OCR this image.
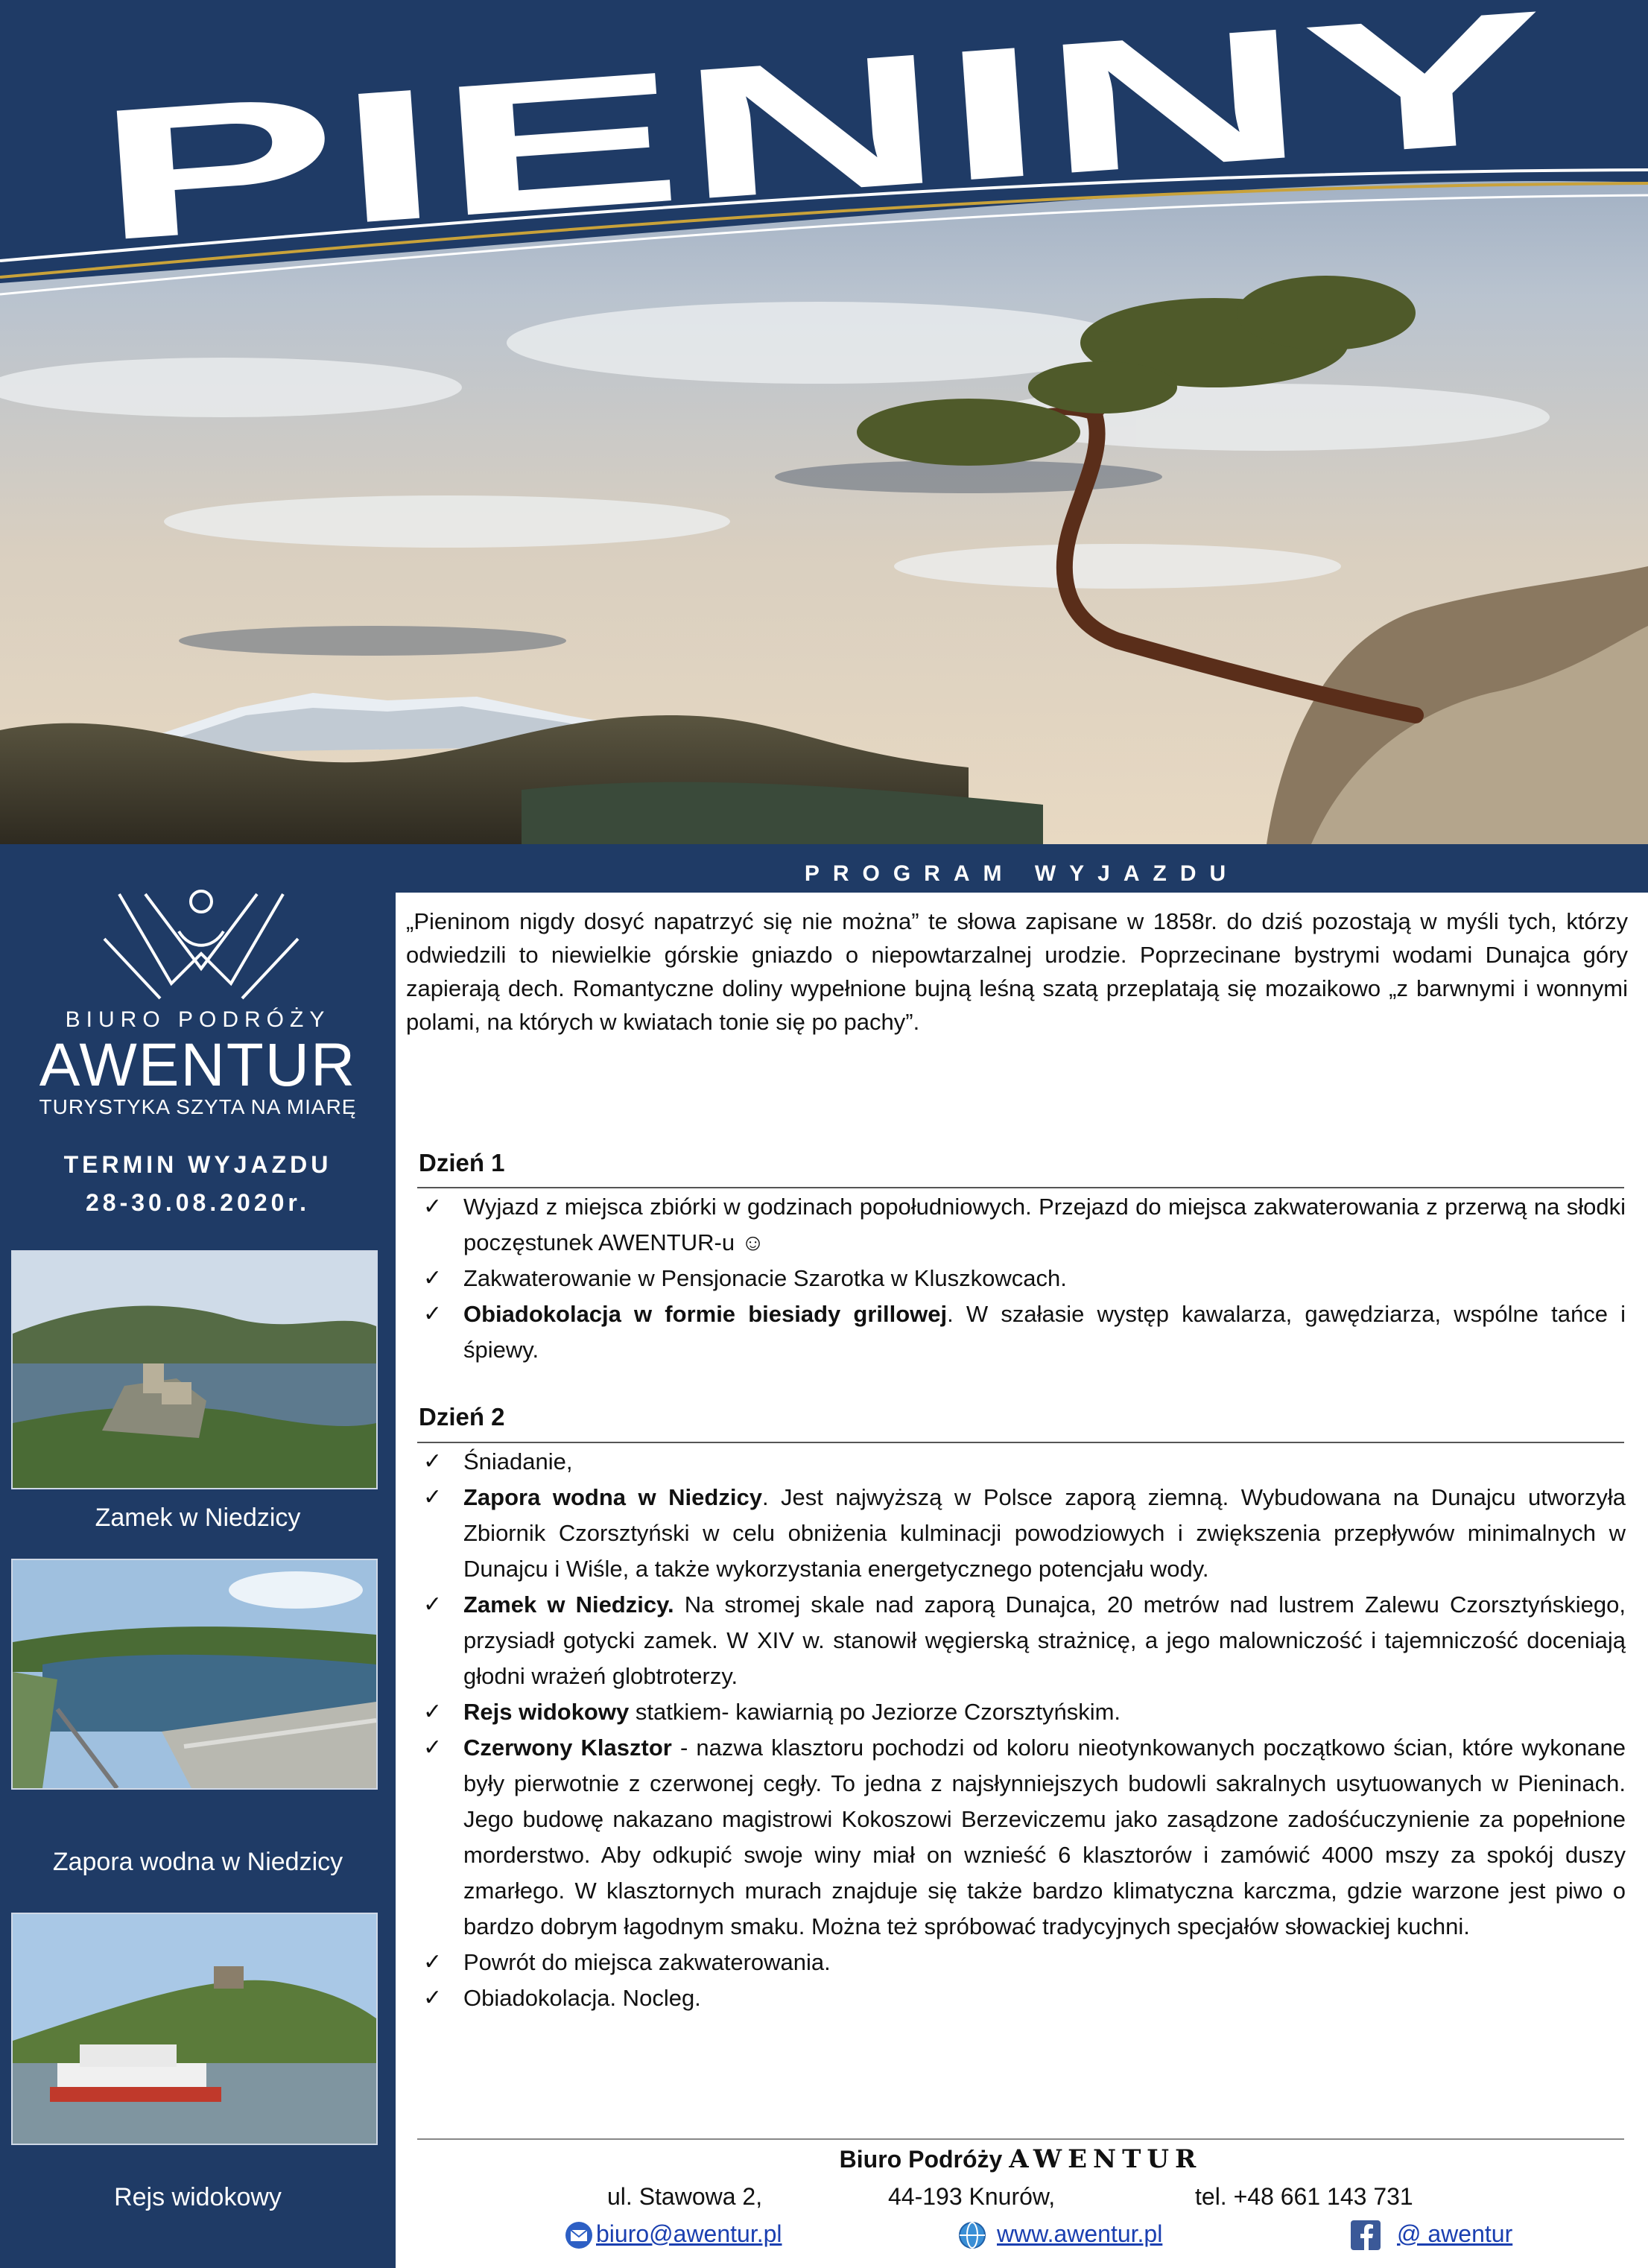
PIENINY
BIURO PODRÓŻY
AWENTUR
TURYSTYKA SZYTA NA MIARĘ
TERMIN WYJAZDU
28-30.08.2020r.
Zamek w Niedzicy
Zapora wodna w Niedzicy
Rejs widokowy
PROGRAM WYJAZDU
„Pieninom nigdy dosyć napatrzyć się nie można” te słowa zapisane w 1858r. do dziś pozostają w myśli tych, którzy odwiedzili to niewielkie górskie gniazdo o niepowtarzalnej urodzie. Poprzecinane bystrymi wodami Dunajca góry zapierają dech. Romantyczne doliny wypełnione bujną leśną szatą przeplatają się mozaikowo „z barwnymi i wonnymi polami, na których w kwiatach tonie się po pachy”.
Dzień 1
✓ Wyjazd z miejsca zbiórki w godzinach popołudniowych. Przejazd do miejsca zakwaterowania z przerwą na słodki poczęstunek AWENTUR-u ☺
✓ Zakwaterowanie w Pensjonacie Szarotka w Kluszkowcach.
✓ Obiadokolacja w formie biesiady grillowej. W szałasie występ kawalarza, gawędziarza, wspólne tańce i śpiewy.
Dzień 2
✓ Śniadanie,
✓ Zapora wodna w Niedzicy. Jest najwyższą w Polsce zaporą ziemną. Wybudowana na Dunajcu utworzyła Zbiornik Czorsztyński w celu obniżenia kulminacji powodziowych i zwiększenia przepływów minimalnych w Dunajcu i Wiśle, a także wykorzystania energetycznego potencjału wody.
✓ Zamek w Niedzicy. Na stromej skale nad zaporą Dunajca, 20 metrów nad lustrem Zalewu Czorsztyńskiego, przysiadł gotycki zamek. W XIV w. stanowił węgierską strażnicę, a jego malowniczość i tajemniczość doceniają głodni wrażeń globtroterzy.
✓ Rejs widokowy statkiem- kawiarnią po Jeziorze Czorsztyńskim.
✓ Czerwony Klasztor - nazwa klasztoru pochodzi od koloru nieotynkowanych początkowo ścian, które wykonane były pierwotnie z czerwonej cegły. To jedna z najsłynniejszych budowli sakralnych usytuowanych w Pieninach. Jego budowę nakazano magistrowi Kokoszowi Berzeviczemu jako zasądzone zadośćuczynienie za popełnione morderstwo. Aby odkupić swoje winy miał on wznieść 6 klasztorów i zamówić 4000 mszy za spokój duszy zmarłego. W klasztornych murach znajduje się także bardzo klimatyczna karczma, gdzie warzone jest piwo o bardzo dobrym łagodnym smaku. Można też spróbować tradycyjnych specjałów słowackiej kuchni.
✓ Powrót do miejsca zakwaterowania.
✓ Obiadokolacja. Nocleg.
Biuro Podróży AWENTUR
ul. Stawowa 2,	44-193 Knurów,	tel. +48 661 143 731
biuro@awentur.pl	www.awentur.pl	@ awentur
